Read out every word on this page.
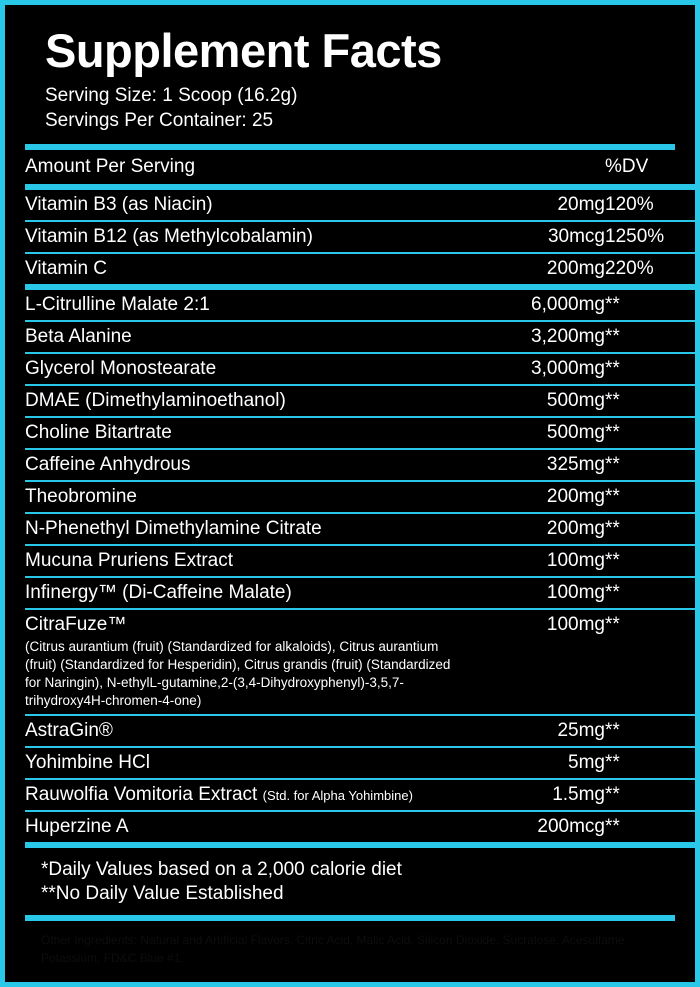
Supplement Facts
Serving Size: 1 Scoop (16.2g)
Servings Per Container: 25
Amount Per Serving		%DV
Vitamin B3 (as Niacin)	20mg	120%
Vitamin B12 (as Methylcobalamin)	30mcg	1250%
Vitamin C	200mg	220%
L-Citrulline Malate 2:1	6,000mg	**
Beta Alanine	3,200mg	**
Glycerol Monostearate	3,000mg	**
DMAE (Dimethylaminoethanol)	500mg	**
Choline Bitartrate	500mg	**
Caffeine Anhydrous	325mg	**
Theobromine	200mg	**
N-Phenethyl Dimethylamine Citrate	200mg	**
Mucuna Pruriens Extract	100mg	**
Infinergy™ (Di-Caffeine Malate)	100mg	**
CitraFuze™
(Citrus aurantium (fruit) (Standardized for alkaloids), Citrus aurantium (fruit) (Standardized for Hesperidin), Citrus grandis (fruit) (Standardized for Naringin), N-ethylL-gutamine,2-(3,4-Dihydroxyphenyl)-3,5,7-trihydroxy4H-chromen-4-one)	100mg	**
AstraGin®	25mg	**
Yohimbine HCl	5mg	**
Rauwolfia Vomitoria Extract (Std. for Alpha Yohimbine)	1.5mg	**
Huperzine A	200mcg	**
*Daily Values based on a 2,000 calorie diet
**No Daily Value Established
Other Ingredients: Natural and Artificial Flavors, Citric Acid, Malic Acid, Silicon Dioxide, Sucralose, Acesulfame Potassium, FD&C Blue #1.
